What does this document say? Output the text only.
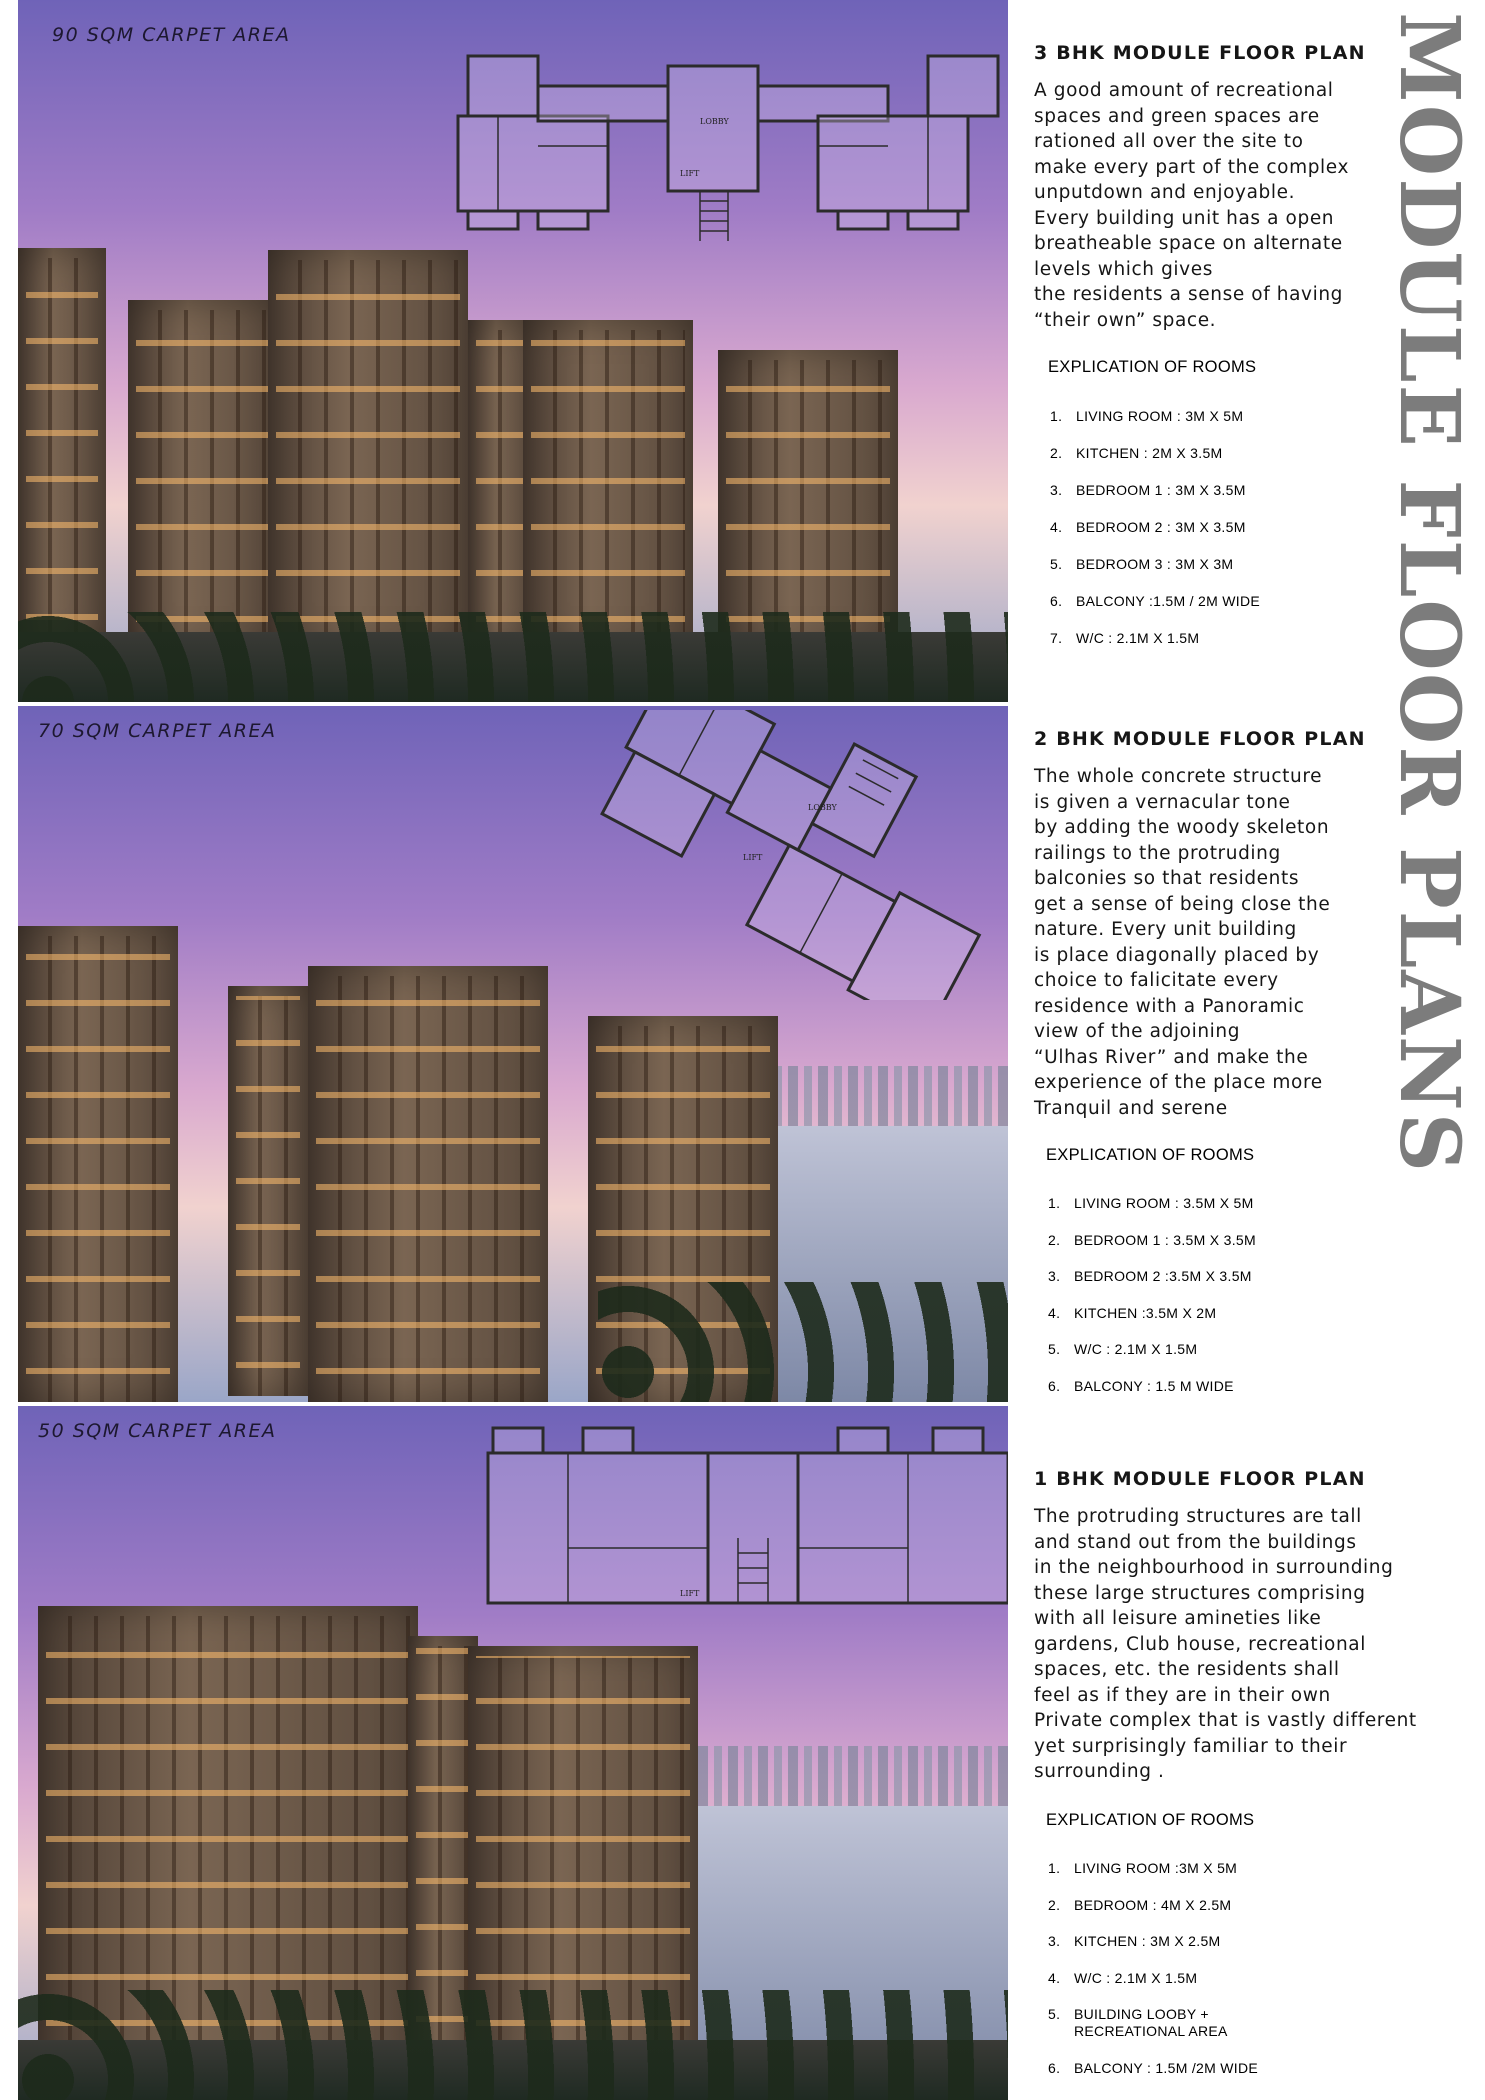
90 SQM CARPET AREA
LOBBY
LIFT
70 SQM CARPET AREA
LOBBY
LIFT
50 SQM CARPET AREA
LIFT
3 BHK MODULE FLOOR PLAN

A good amount of recreational
spaces and green spaces are
rationed all over the site to
make every part of the complex
unputdown and enjoyable.
Every building unit has a open
breatheable space on alternate
levels which gives
the residents a sense of having
“their own” space.

EXPLICATION OF ROOMS
1. LIVING ROOM : 3M X 5M
2. KITCHEN : 2M X 3.5M
3. BEDROOM 1 : 3M X 3.5M
4. BEDROOM 2 : 3M X 3.5M
5. BEDROOM 3 : 3M X 3M
6. BALCONY :1.5M / 2M WIDE
7. W/C : 2.1M X 1.5M
2 BHK MODULE FLOOR PLAN

The whole concrete structure
is given a vernacular tone
by adding the woody skeleton
railings to the protruding
balconies so that residents
get a sense of being close the
nature. Every unit building
is place diagonally placed by
choice to falicitate every
residence with a Panoramic
view of the adjoining
“Ulhas River” and make the
experience of the place more
Tranquil and serene

EXPLICATION OF ROOMS
1. LIVING ROOM : 3.5M X 5M
2. BEDROOM 1 : 3.5M X 3.5M
3. BEDROOM 2 :3.5M X 3.5M
4. KITCHEN :3.5M X 2M
5. W/C : 2.1M X 1.5M
6. BALCONY : 1.5 M WIDE
1 BHK MODULE FLOOR PLAN

The protruding structures are tall
and stand out from the buildings
in the neighbourhood in surrounding
these large structures comprising
with all leisure amineties like
gardens, Club house, recreational
spaces, etc. the residents shall
feel as if they are in their own
Private complex that is vastly different
yet surprisingly familiar to their
surrounding .

EXPLICATION OF ROOMS
1. LIVING ROOM :3M X 5M
2. BEDROOM : 4M X 2.5M
3. KITCHEN : 3M X 2.5M
4. W/C : 2.1M X 1.5M
5. BUILDING LOOBY +
RECREATIONAL AREA
6. BALCONY : 1.5M /2M WIDE
MODULE FLOOR PLANS
